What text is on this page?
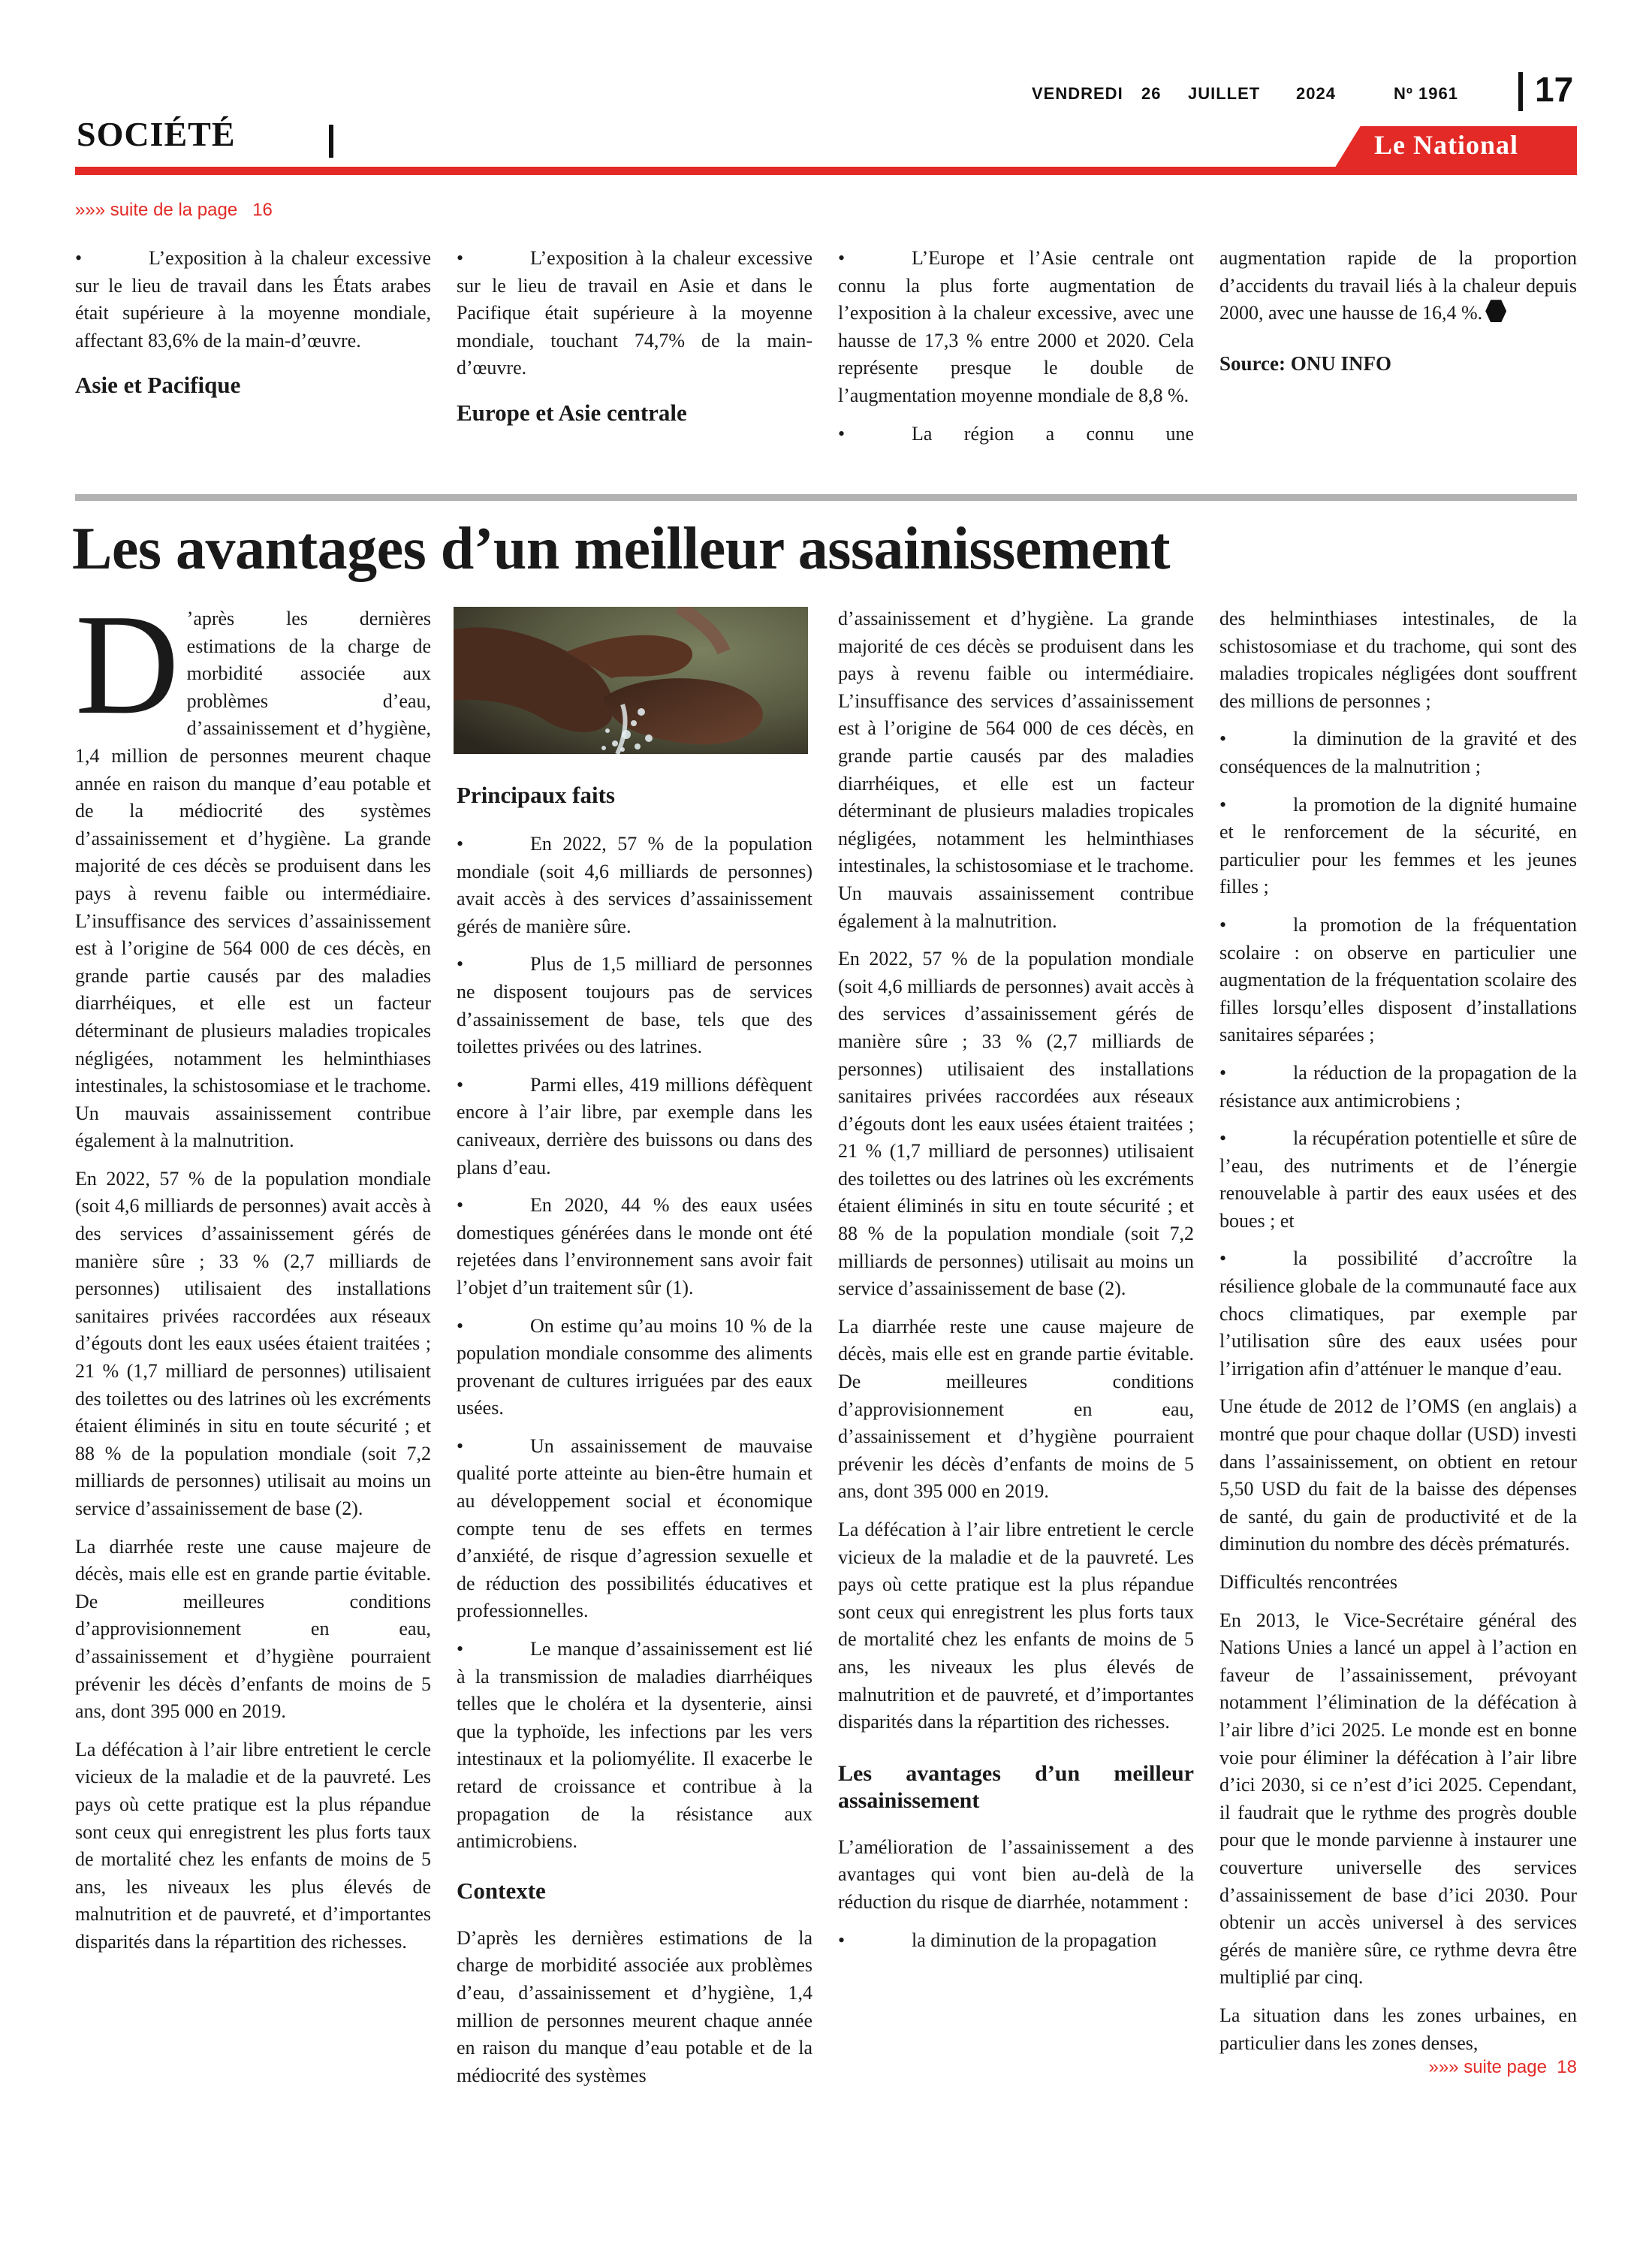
VENDREDI 26 JUILLET 2024	Nº 1961 17
SOCIÉTÉ	Le National
»»» suite de la page 16

•	L’exposition à la chaleur excessive sur le lieu de travail dans les États arabes était supérieure à la moyenne mondiale, affectant 83,6% de la main-d’œuvre.

Asie et Pacifique

•	L’exposition à la chaleur excessive sur le lieu de travail en Asie et dans le Pacifique était supérieure à la moyenne mondiale, touchant 74,7% de la main-d’œuvre.

Europe et Asie centrale

•	L’Europe et l’Asie centrale ont connu la plus forte augmentation de l’exposition à la chaleur excessive, avec une hausse de 17,3 % entre 2000 et 2020. Cela représente presque le double de l’augmentation moyenne mondiale de 8,8 %.

•	La région a connu une

augmentation rapide de la proportion d’accidents du travail liés à la chaleur depuis 2000, avec une hausse de 16,4 %.

Source: ONU INFO
Les avantages d’un meilleur assainissement

D ’après les dernières estimations de la charge de morbidité associée aux problèmes d’eau, d’assainissement et d’hygiène, 1,4 million de personnes meurent chaque année en raison du manque d’eau potable et de la médiocrité des systèmes d’assainissement et d’hygiène. La grande majorité de ces décès se produisent dans les pays à revenu faible ou intermédiaire. L’insuffisance des services d’assainissement est à l’origine de 564 000 de ces décès, en grande partie causés par des maladies diarrhéiques, et elle est un facteur déterminant de plusieurs maladies tropicales négligées, notamment les helminthiases intestinales, la schistosomiase et le trachome. Un mauvais assainissement contribue également à la malnutrition.

En 2022, 57 % de la population mondiale (soit 4,6 milliards de personnes) avait accès à des services d’assainissement gérés de manière sûre ; 33 % (2,7 milliards de personnes) utilisaient des installations sanitaires privées raccordées aux réseaux d’égouts dont les eaux usées étaient traitées ; 21 % (1,7 milliard de personnes) utilisaient des toilettes ou des latrines où les excréments étaient éliminés in situ en toute sécurité ; et 88 % de la population mondiale (soit 7,2 milliards de personnes) utilisait au moins un service d’assainissement de base (2).

La diarrhée reste une cause majeure de décès, mais elle est en grande partie évitable. De meilleures conditions d’approvisionnement en eau, d’assainissement et d’hygiène pourraient prévenir les décès d’enfants de moins de 5 ans, dont 395 000 en 2019.

La défécation à l’air libre entretient le cercle vicieux de la maladie et de la pauvreté. Les pays où cette pratique est la plus répandue sont ceux qui enregistrent les plus forts taux de mortalité chez les enfants de moins de 5 ans, les niveaux les plus élevés de malnutrition et de pauvreté, et d’importantes disparités dans la répartition des richesses.

Principaux faits

•	En 2022, 57 % de la population mondiale (soit 4,6 milliards de personnes) avait accès à des services d’assainissement gérés de manière sûre.

•	Plus de 1,5 milliard de personnes ne disposent toujours pas de services d’assainissement de base, tels que des toilettes privées ou des latrines.

•	Parmi elles, 419 millions défèquent encore à l’air libre, par exemple dans les caniveaux, derrière des buissons ou dans des plans d’eau.

•	En 2020, 44 % des eaux usées domestiques générées dans le monde ont été rejetées dans l’environnement sans avoir fait l’objet d’un traitement sûr (1).

•	On estime qu’au moins 10 % de la population mondiale consomme des aliments provenant de cultures irriguées par des eaux usées.

•	Un assainissement de mauvaise qualité porte atteinte au bien-être humain et au développement social et économique compte tenu de ses effets en termes d’anxiété, de risque d’agression sexuelle et de réduction des possibilités éducatives et professionnelles.

•	Le manque d’assainissement est lié à la transmission de maladies diarrhéiques telles que le choléra et la dysenterie, ainsi que la typhoïde, les infections par les vers intestinaux et la poliomyélite. Il exacerbe le retard de croissance et contribue à la propagation de la résistance aux antimicrobiens.

Contexte

D’après les dernières estimations de la charge de morbidité associée aux problèmes d’eau, d’assainissement et d’hygiène, 1,4 million de personnes meurent chaque année en raison du manque d’eau potable et de la médiocrité des systèmes

d’assainissement et d’hygiène. La grande majorité de ces décès se produisent dans les pays à revenu faible ou intermédiaire. L’insuffisance des services d’assainissement est à l’origine de 564 000 de ces décès, en grande partie causés par des maladies diarrhéiques, et elle est un facteur déterminant de plusieurs maladies tropicales négligées, notamment les helminthiases intestinales, la schistosomiase et le trachome. Un mauvais assainissement contribue également à la malnutrition.

En 2022, 57 % de la population mondiale (soit 4,6 milliards de personnes) avait accès à des services d’assainissement gérés de manière sûre ; 33 % (2,7 milliards de personnes) utilisaient des installations sanitaires privées raccordées aux réseaux d’égouts dont les eaux usées étaient traitées ; 21 % (1,7 milliard de personnes) utilisaient des toilettes ou des latrines où les excréments étaient éliminés in situ en toute sécurité ; et 88 % de la population mondiale (soit 7,2 milliards de personnes) utilisait au moins un service d’assainissement de base (2).

La diarrhée reste une cause majeure de décès, mais elle est en grande partie évitable. De meilleures conditions d’approvisionnement en eau, d’assainissement et d’hygiène pourraient prévenir les décès d’enfants de moins de 5 ans, dont 395 000 en 2019.

La défécation à l’air libre entretient le cercle vicieux de la maladie et de la pauvreté. Les pays où cette pratique est la plus répandue sont ceux qui enregistrent les plus forts taux de mortalité chez les enfants de moins de 5 ans, les niveaux les plus élevés de malnutrition et de pauvreté, et d’importantes disparités dans la répartition des richesses.

Les avantages d’un meilleur assainissement

L’amélioration de l’assainissement a des avantages qui vont bien au-delà de la réduction du risque de diarrhée, notamment :

•	la diminution de la propagation

des helminthiases intestinales, de la schistosomiase et du trachome, qui sont des maladies tropicales négligées dont souffrent des millions de personnes ;

•	la diminution de la gravité et des conséquences de la malnutrition ;

•	la promotion de la dignité humaine et le renforcement de la sécurité, en particulier pour les femmes et les jeunes filles ;

•	la promotion de la fréquentation scolaire : on observe en particulier une augmentation de la fréquentation scolaire des filles lorsqu’elles disposent d’installations sanitaires séparées ;

•	la réduction de la propagation de la résistance aux antimicrobiens ;

•	la récupération potentielle et sûre de l’eau, des nutriments et de l’énergie renouvelable à partir des eaux usées et des boues ; et

•	la possibilité d’accroître la résilience globale de la communauté face aux chocs climatiques, par exemple par l’utilisation sûre des eaux usées pour l’irrigation afin d’atténuer le manque d’eau.

Une étude de 2012 de l’OMS (en anglais) a montré que pour chaque dollar (USD) investi dans l’assainissement, on obtient en retour 5,50 USD du fait de la baisse des dépenses de santé, du gain de productivité et de la diminution du nombre des décès prématurés.

Difficultés rencontrées

En 2013, le Vice-Secrétaire général des Nations Unies a lancé un appel à l’action en faveur de l’assainissement, prévoyant notamment l’élimination de la défécation à l’air libre d’ici 2025. Le monde est en bonne voie pour éliminer la défécation à l’air libre d’ici 2030, si ce n’est d’ici 2025. Cependant, il faudrait que le rythme des progrès double pour que le monde parvienne à instaurer une couverture universelle des services d’assainissement de base d’ici 2030. Pour obtenir un accès universel à des services gérés de manière sûre, ce rythme devra être multiplié par cinq.

La situation dans les zones urbaines, en particulier dans les zones denses,

»»» suite page 18
